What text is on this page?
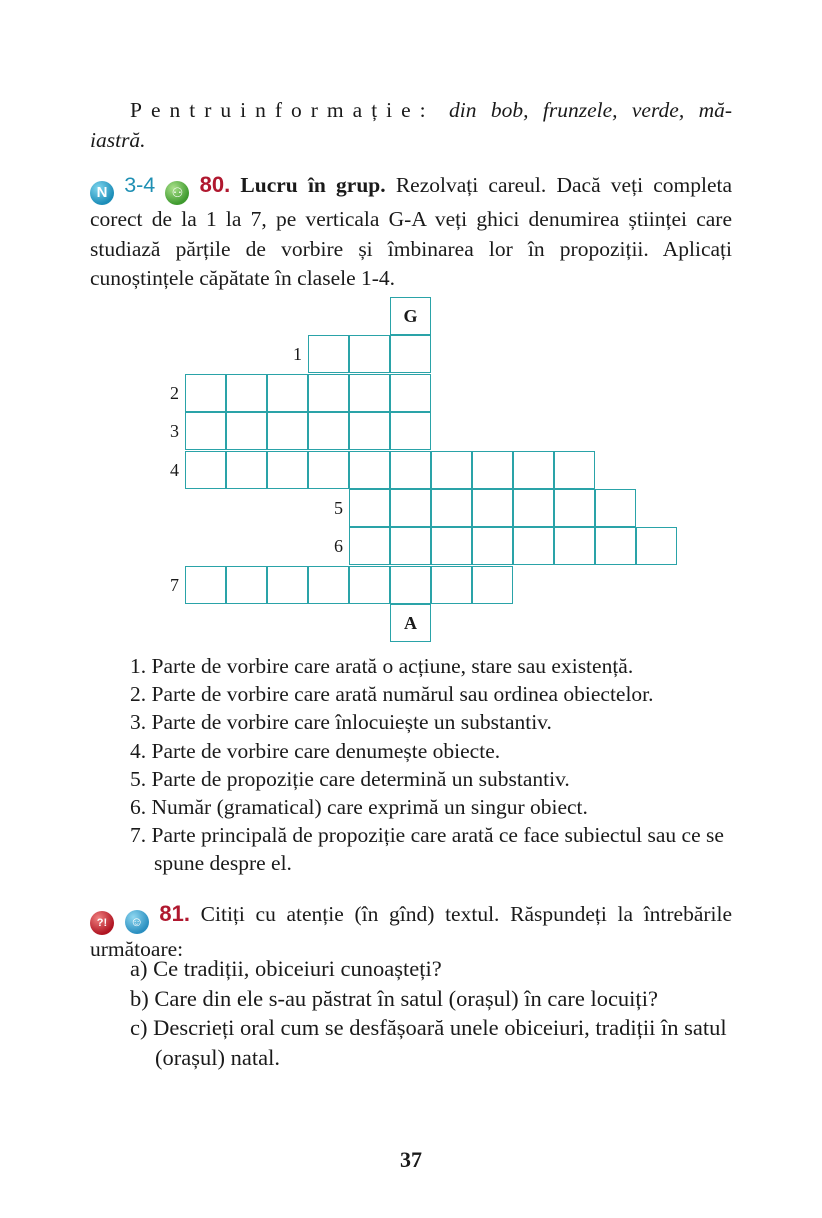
Pentruinformație: din bob, frunzele, verde, mă-iastră.
N 3-4 ⚇ 80. Lucru în grup. Rezolvați careul. Dacă veți completa corect de la 1 la 7, pe verticala G-A veți ghici denumirea științei care studiază părțile de vorbire și îmbinarea lor în propoziții. Aplicați cunoștințele căpătate în clasele 1-4.
G
1
2
3
4
5
6
7
A
1. Parte de vorbire care arată o acțiune, stare sau existență.
2. Parte de vorbire care arată numărul sau ordinea obiectelor.
3. Parte de vorbire care înlocuiește un substantiv.
4. Parte de vorbire care denumește obiecte.
5. Parte de propoziție care determină un substantiv.
6. Număr (gramatical) care exprimă un singur obiect.
7. Parte principală de propoziție care arată ce face subiectul sau ce se spune despre el.
?! ☺ 81. Citiți cu atenție (în gînd) textul. Răspundeți la întrebările următoare:
a) Ce tradiții, obiceiuri cunoașteți?
b) Care din ele s-au păstrat în satul (orașul) în care locuiți?
c) Descrieți oral cum se desfășoară unele obiceiuri, tradiții în satul (orașul) natal.
37
